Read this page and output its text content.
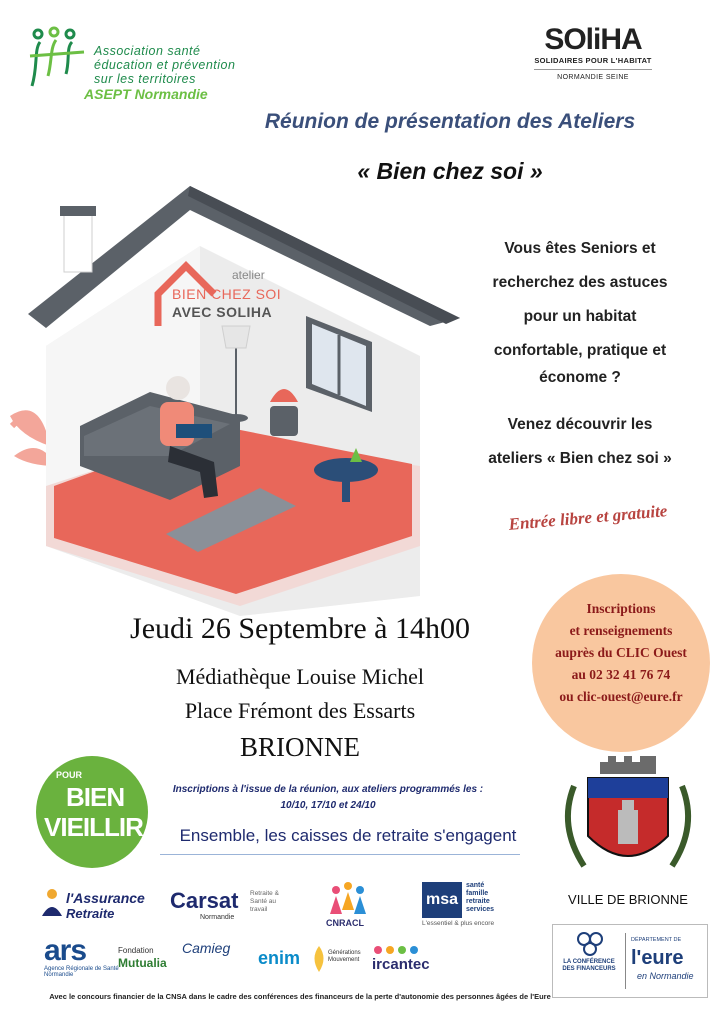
Association santé
éducation et prévention
sur les territoires
ASEPT Normandie
SOliHA
SOLIDAIRES POUR L'HABITAT
NORMANDIE SEINE
Réunion de présentation des Ateliers
« Bien chez soi »
atelier
BIEN CHEZ SOI
AVEC SOLIHA

Vous êtes Seniors et

recherchez des astuces

pour un habitat

confortable, pratique et

économe ?

Venez découvrir les

ateliers « Bien chez soi »

Entrée libre et gratuite
Jeudi 26 Septembre à 14h00
Médiathèque Louise Michel
Place Frémont des Essarts
BRIONNE
Inscriptions
et renseignements
auprès du CLIC Ouest
au 02 32 41 76 74
ou clic-ouest@eure.fr
POUR
BIEN
VIEILLIR
Inscriptions à l'issue de la réunion, aux ateliers programmés les :
10/10, 17/10 et 24/10
Ensemble, les caisses de retraite s'engagent
l'Assurance
Retraite
Carsat Retraite & Santé au travail
Normandie
CNRACL
msa
santé
famille
retraite
services
L'essentiel & plus encore
ars
Agence Régionale de Santé Normandie
Fondation
Mutualia
Camieg enim	Générations Mouvement ircantec
Avec le concours financier de la CNSA dans le cadre des conférences des financeurs de la perte d'autonomie des personnes âgées de l'Eure
VILLE DE BRIONNE
LA CONFÉRENCE DES FINANCEURS
DÉPARTEMENT DE
l'eure
en Normandie
